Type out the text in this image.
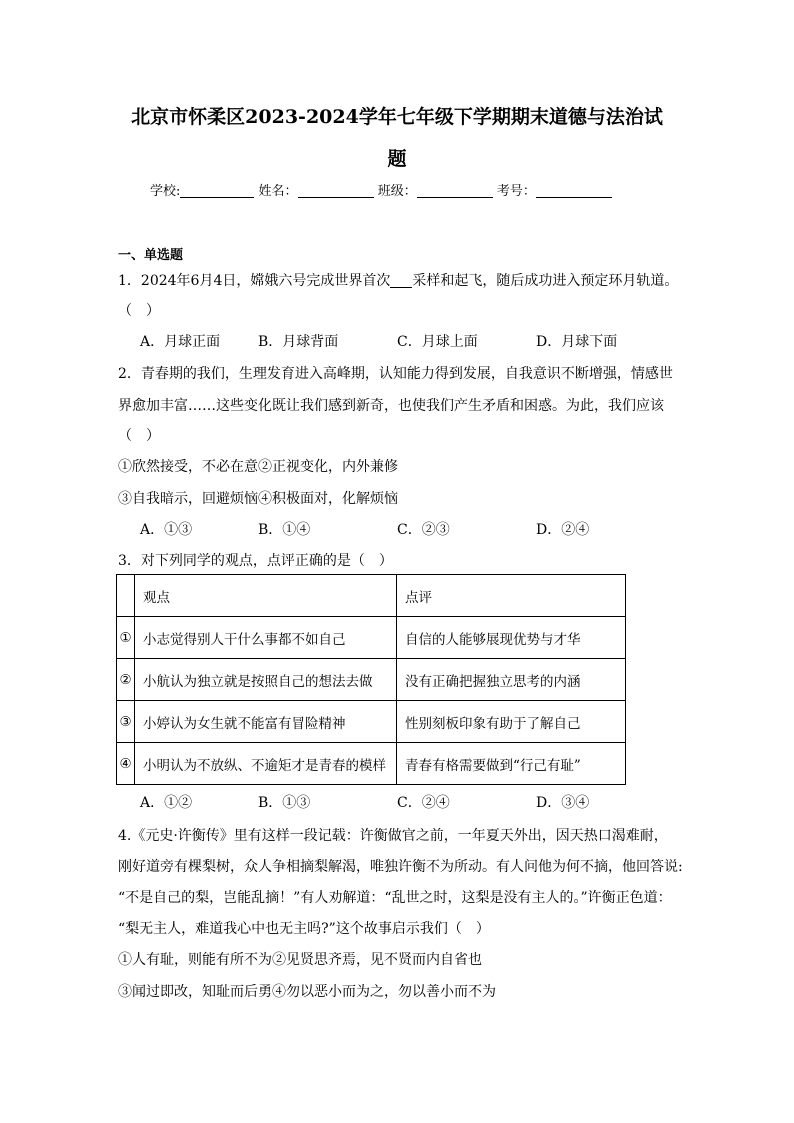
北京市怀柔区2023-2024学年七年级下学期期末道德与法治试
题
学校:	姓名：	班级：	考号：
一、单选题
1．2024年6月4日，嫦娥六号完成世界首次 采样和起飞，随后成功进入预定环月轨道。
（　）
A．月球正面	B．月球背面	C．月球上面	D．月球下面
2．青春期的我们，生理发育进入高峰期，认知能力得到发展，自我意识不断增强，情感世
界愈加丰富……这些变化既让我们感到新奇，也使我们产生矛盾和困惑。为此，我们应该
（　）
①欣然接受，不必在意②正视变化，内外兼修
③自我暗示，回避烦恼④积极面对，化解烦恼
A．①③	B．①④	C．②③	D．②④
3．对下列同学的观点，点评正确的是（　）
	观点	点评
①	小志觉得别人干什么事都不如自己	自信的人能够展现优势与才华
②	小航认为独立就是按照自己的想法去做	没有正确把握独立思考的内涵
③	小婷认为女生就不能富有冒险精神	性别刻板印象有助于了解自己
④	小明认为不放纵、不逾矩才是青春的模样	青春有格需要做到“行己有耻”
A．①②	B．①③	C．②④	D．③④
4.《元史·许衡传》里有这样一段记载：许衡做官之前，一年夏天外出，因天热口渴难耐，
刚好道旁有棵梨树，众人争相摘梨解渴，唯独许衡不为所动。有人问他为何不摘，他回答说:
“不是自己的梨，岂能乱摘！”有人劝解道：“乱世之时，这梨是没有主人的。”许衡正色道：
“梨无主人，难道我心中也无主吗?”这个故事启示我们（　）
①人有耻，则能有所不为②见贤思齐焉，见不贤而内自省也
③闻过即改，知耻而后勇④勿以恶小而为之，勿以善小而不为
